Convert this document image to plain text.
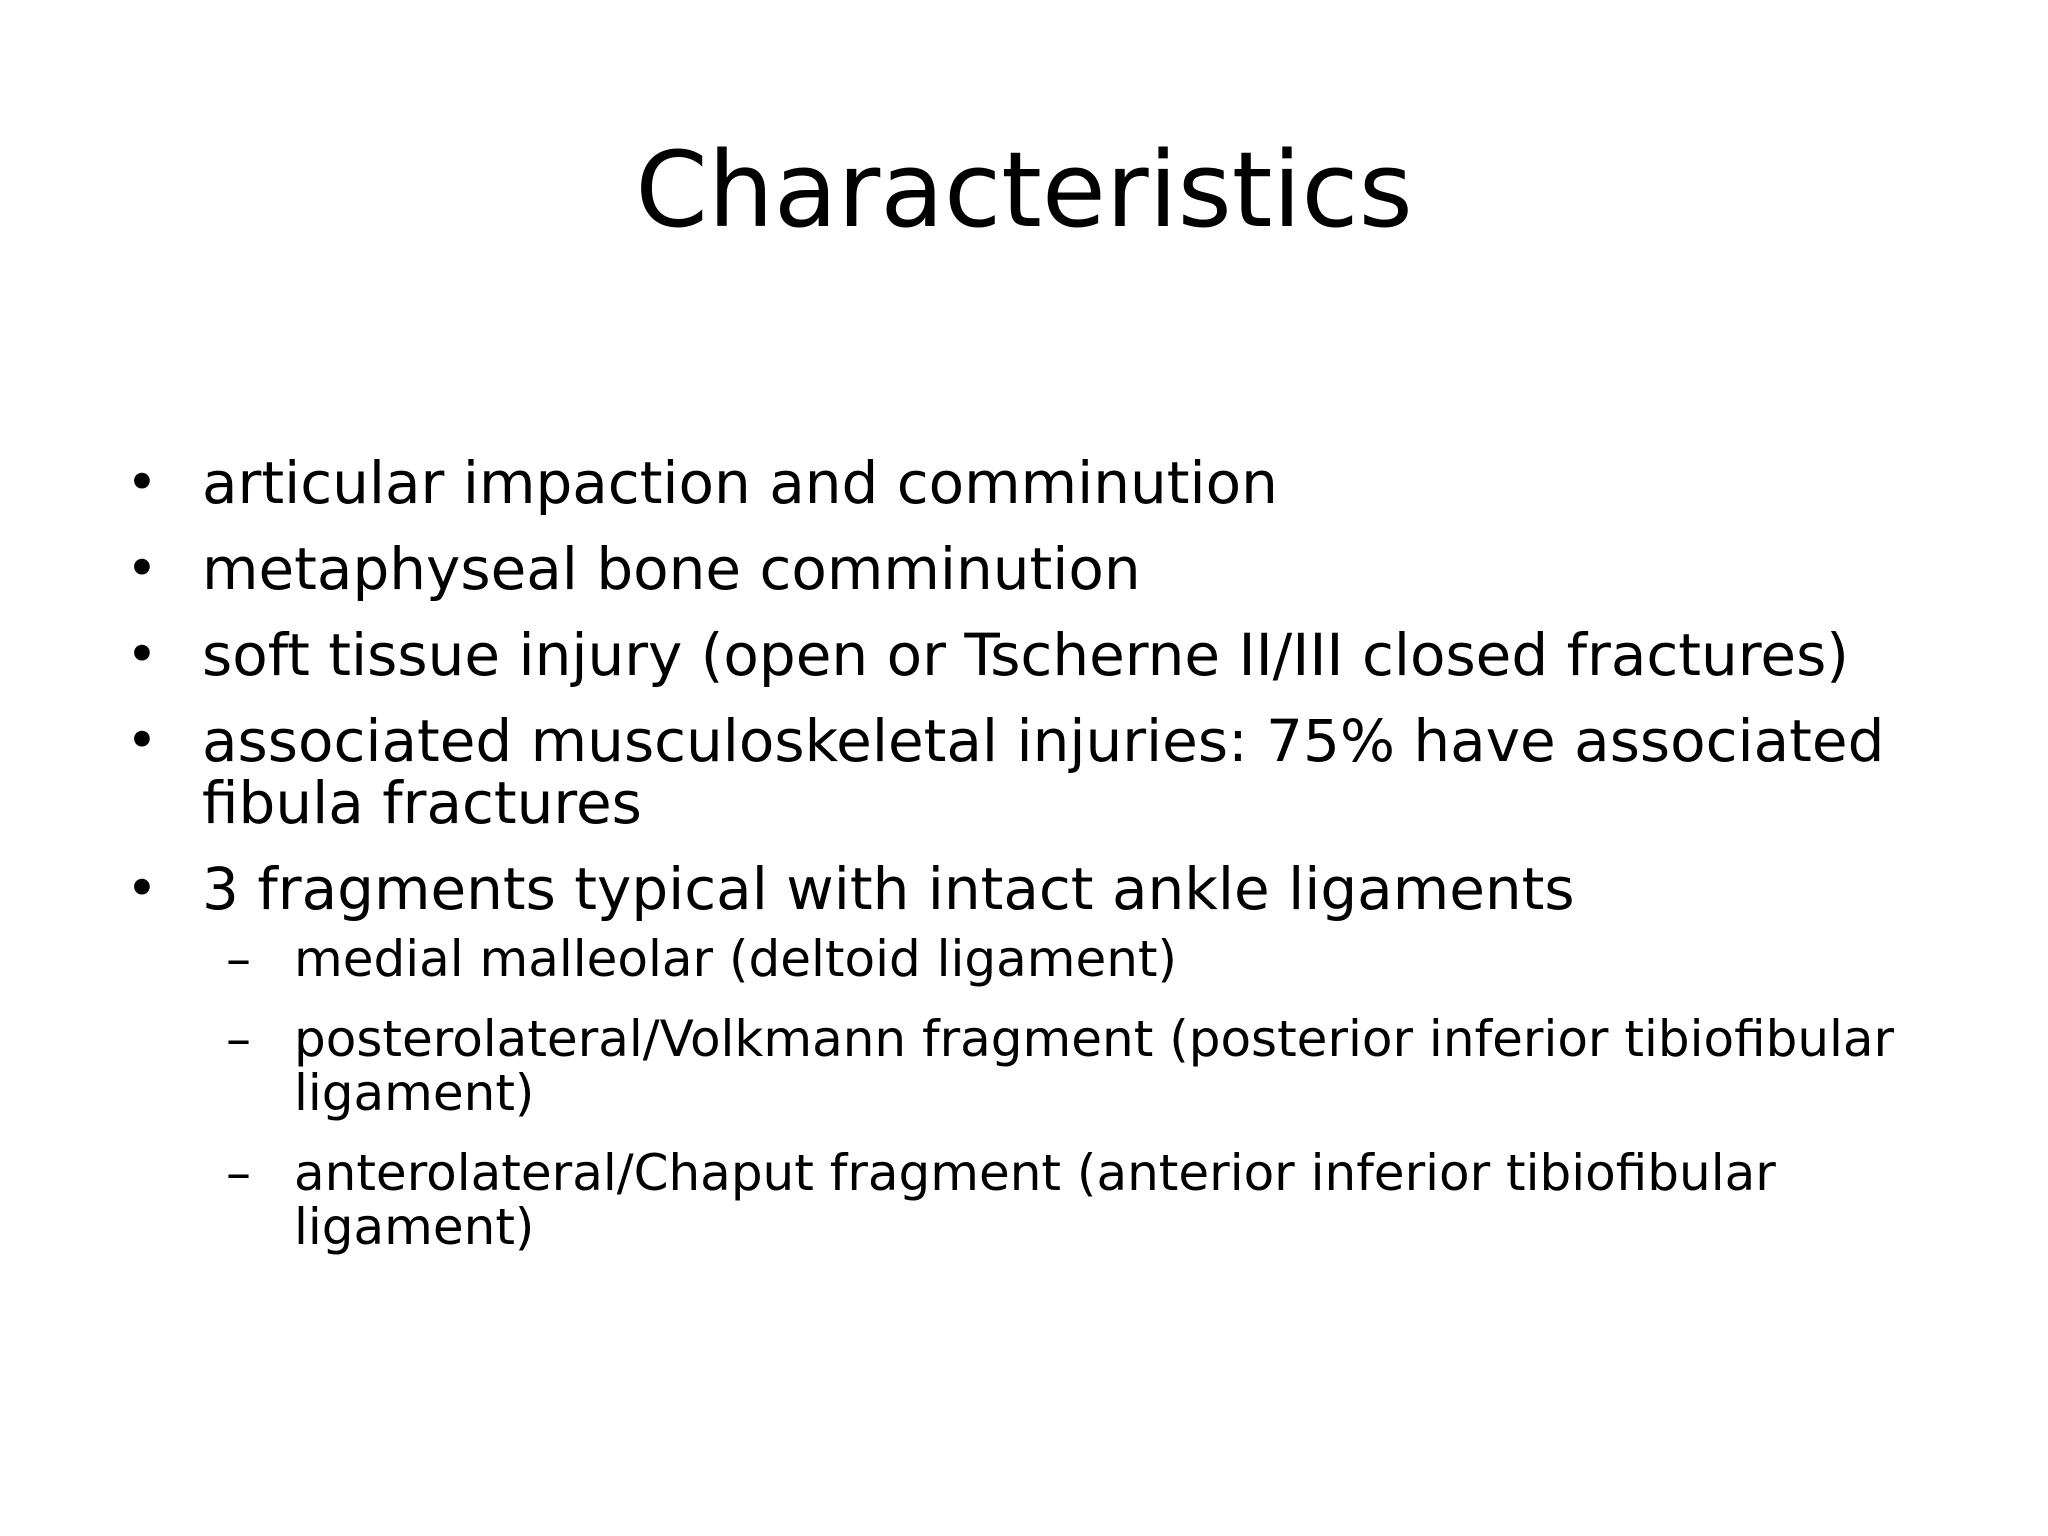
Characteristics
• articular impaction and comminution
• metaphyseal bone comminution
• soft tissue injury (open or Tscherne II/III closed fractures)
• associated musculoskeletal injuries: 75% have associated fibula fractures
• 3 fragments typical with intact ankle ligaments
– medial malleolar (deltoid ligament)
– posterolateral/Volkmann fragment (posterior inferior tibiofibular ligament)
– anterolateral/Chaput fragment (anterior inferior tibiofibular ligament)
